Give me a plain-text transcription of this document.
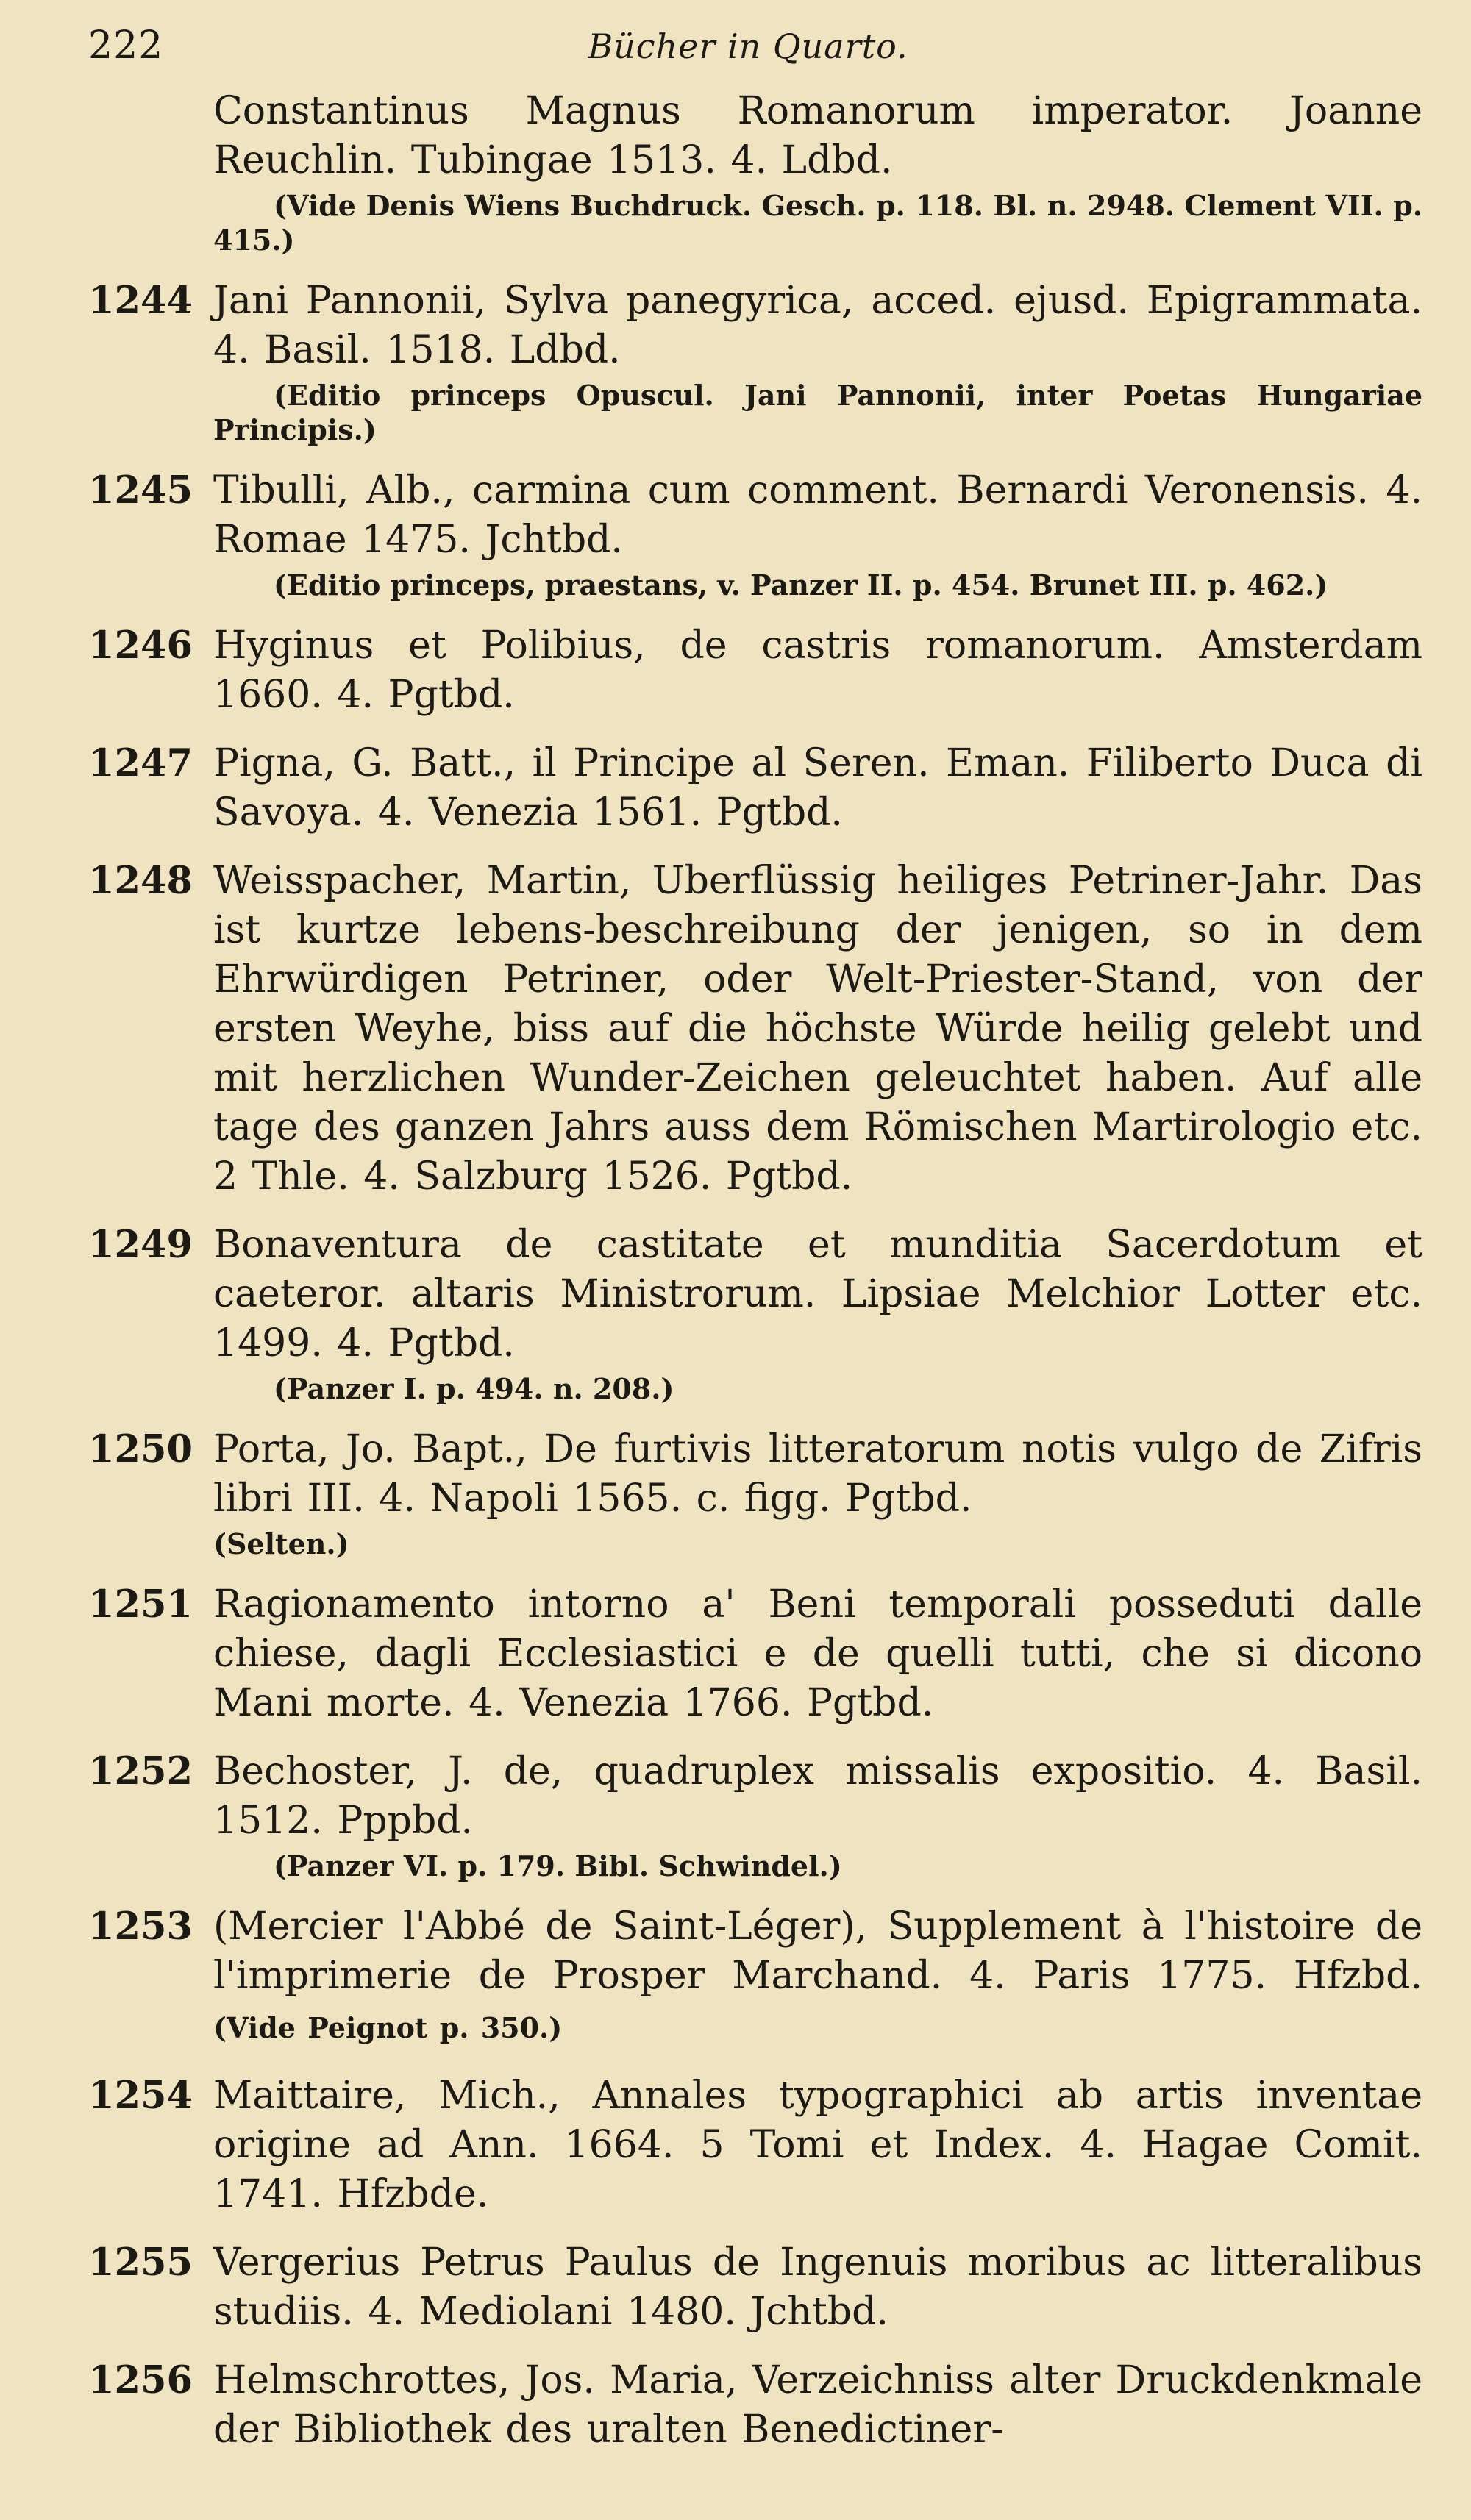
222	Bücher in Quarto.
Constantinus Magnus Romanorum imperator. Joanne Reuchlin. Tubingae 1513. 4. Ldbd.
(Vide Denis Wiens Buchdruck. Gesch. p. 118. Bl. n. 2948. Clement VII. p. 415.)
1244 Jani Pannonii, Sylva panegyrica, acced. ejusd. Epigrammata. 4. Basil. 1518. Ldbd.
(Editio princeps Opuscul. Jani Pannonii, inter Poetas Hungariae Principis.)
1245 Tibulli, Alb., carmina cum comment. Bernardi Veronensis. 4. Romae 1475. Jchtbd.
(Editio princeps, praestans, v. Panzer II. p. 454. Brunet III. p. 462.)
1246 Hyginus et Polibius, de castris romanorum. Amsterdam 1660. 4. Pgtbd.
1247 Pigna, G. Batt., il Principe al Seren. Eman. Filiberto Duca di Savoya. 4. Venezia 1561. Pgtbd.
1248 Weisspacher, Martin, Uberflüssig heiliges Petriner-Jahr. Das ist kurtze lebens-beschreibung der jenigen, so in dem Ehrwürdigen Petriner, oder Welt-Priester-Stand, von der ersten Weyhe, biss auf die höchste Würde heilig gelebt und mit herzlichen Wunder-Zeichen geleuchtet haben. Auf alle tage des ganzen Jahrs auss dem Römischen Martirologio etc. 2 Thle. 4. Salzburg 1526. Pgtbd.
1249 Bonaventura de castitate et munditia Sacerdotum et caeteror. altaris Ministrorum. Lipsiae Melchior Lotter etc. 1499. 4. Pgtbd.
(Panzer I. p. 494. n. 208.)
1250 Porta, Jo. Bapt., De furtivis litteratorum notis vulgo de Zifris libri III. 4. Napoli 1565. c. figg. Pgtbd.
(Selten.)
1251 Ragionamento intorno a' Beni temporali posseduti dalle chiese, dagli Ecclesiastici e de quelli tutti, che si dicono Mani morte. 4. Venezia 1766. Pgtbd.
1252 Bechoster, J. de, quadruplex missalis expositio. 4. Basil. 1512. Pppbd.
(Panzer VI. p. 179. Bibl. Schwindel.)
1253 (Mercier l'Abbé de Saint-Léger), Supplement à l'histoire de l'imprimerie de Prosper Marchand. 4. Paris 1775. Hfzbd. (Vide Peignot p. 350.)
1254 Maittaire, Mich., Annales typographici ab artis inventae origine ad Ann. 1664. 5 Tomi et Index. 4. Hagae Comit. 1741. Hfzbde.
1255 Vergerius Petrus Paulus de Ingenuis moribus ac litteralibus studiis. 4. Mediolani 1480. Jchtbd.
1256 Helmschrottes, Jos. Maria, Verzeichniss alter Druckdenkmale der Bibliothek des uralten Benedictiner-
